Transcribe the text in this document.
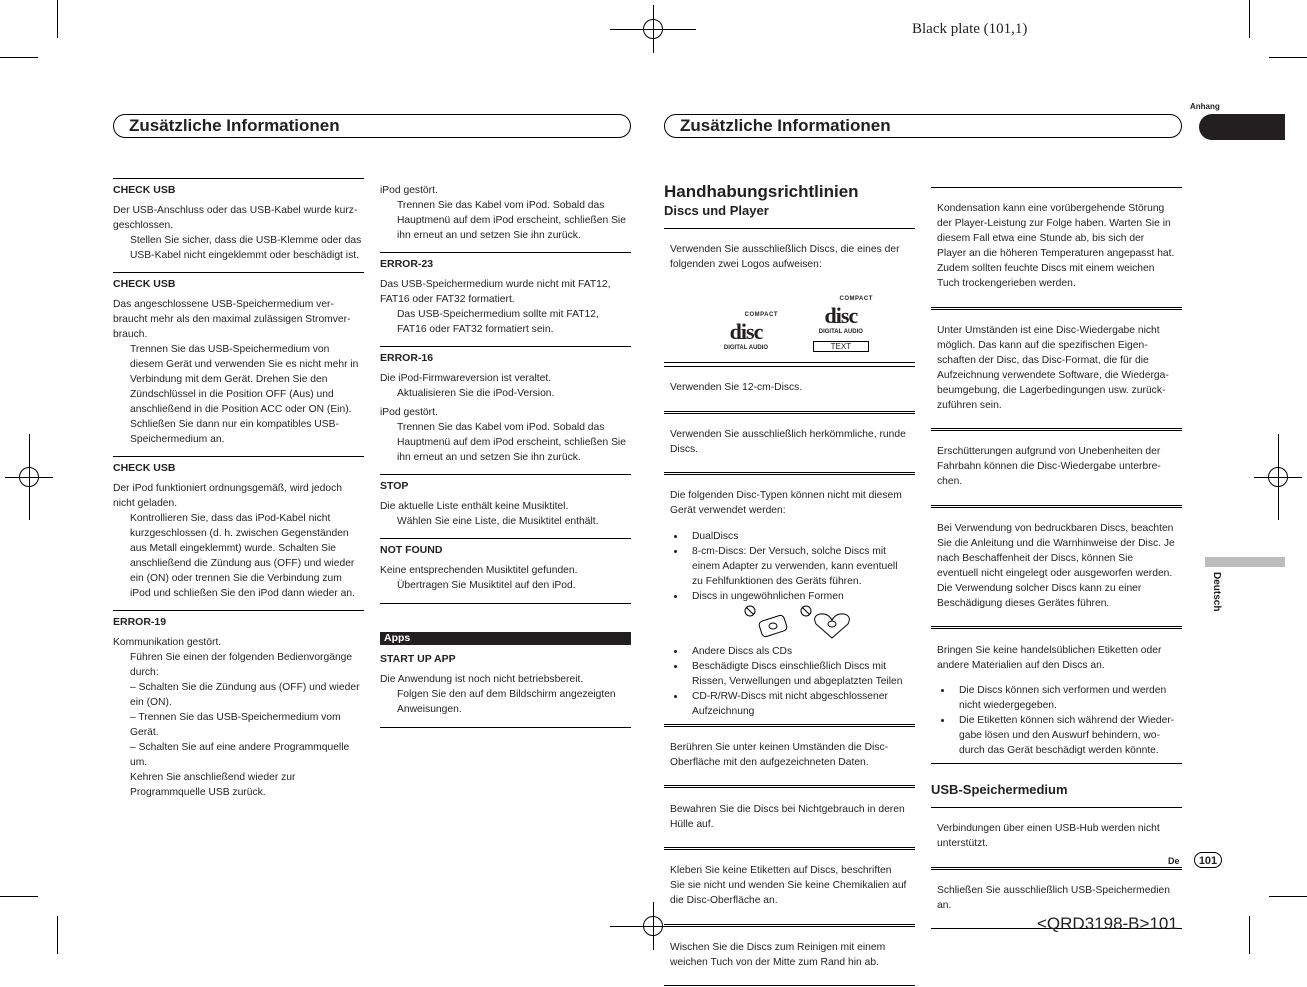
Black plate (101,1)
Anhang
Zusätzliche Informationen	Zusätzliche Informationen
CHECK USB

Der USB-Anschluss oder das USB-Kabel wurde kurzgeschlossen.

Stellen Sie sicher, dass die USB-Klemme oder das USB-Kabel nicht eingeklemmt oder beschädigt ist.

CHECK USB

Das angeschlossene USB-Speichermedium verbraucht mehr als den maximal zulässigen Stromverbrauch.

Trennen Sie das USB-Speichermedium von diesem Gerät und verwenden Sie es nicht mehr in Verbindung mit dem Gerät. Drehen Sie den Zündschlüssel in die Position OFF (Aus) und anschließend in die Position ACC oder ON (Ein). Schließen Sie dann nur ein kompatibles USB-Speichermedium an.

CHECK USB

Der iPod funktioniert ordnungsgemäß, wird jedoch nicht geladen.

Kontrollieren Sie, dass das iPod-Kabel nicht kurzgeschlossen (d. h. zwischen Gegenständen aus Metall eingeklemmt) wurde. Schalten Sie anschließend die Zündung aus (OFF) und wieder ein (ON) oder trennen Sie die Verbindung zum iPod und schließen Sie den iPod dann wieder an.

ERROR-19

Kommunikation gestört.

Führen Sie einen der folgenden Bedienvorgänge durch:

– Schalten Sie die Zündung aus (OFF) und wieder ein (ON).

– Trennen Sie das USB-Speichermedium vom Gerät.

– Schalten Sie auf eine andere Programmquelle um.

Kehren Sie anschließend wieder zur Programmquelle USB zurück.

iPod gestört.

Trennen Sie das Kabel vom iPod. Sobald das Hauptmenü auf dem iPod erscheint, schließen Sie ihn erneut an und setzen Sie ihn zurück.

ERROR-23

Das USB-Speichermedium wurde nicht mit FAT12, FAT16 oder FAT32 formatiert.

Das USB-Speichermedium sollte mit FAT12, FAT16 oder FAT32 formatiert sein.

ERROR-16

Die iPod-Firmwareversion ist veraltet.

Aktualisieren Sie die iPod-Version.

iPod gestört.

Trennen Sie das Kabel vom iPod. Sobald das Hauptmenü auf dem iPod erscheint, schließen Sie ihn erneut an und setzen Sie ihn zurück.

STOP

Die aktuelle Liste enthält keine Musiktitel.

Wählen Sie eine Liste, die Musiktitel enthält.

NOT FOUND

Keine entsprechenden Musiktitel gefunden.

Übertragen Sie Musiktitel auf den iPod.

Apps
START UP APP

Die Anwendung ist noch nicht betriebsbereit.

Folgen Sie den auf dem Bildschirm angezeigten Anweisungen.

Handhabungsrichtlinien
Discs und Player

Verwenden Sie ausschließlich Discs, die eines der folgenden zwei Logos aufweisen:

COMPACT
disc
DIGITAL AUDIO

COMPACT
disc
DIGITAL AUDIO
TEXT

Verwenden Sie 12-cm-Discs.

Verwenden Sie ausschließlich herkömmliche, runde Discs.

Die folgenden Disc-Typen können nicht mit diesem Gerät verwendet werden:

• DualDiscs
• 8-cm-Discs: Der Versuch, solche Discs mit einem Adapter zu verwenden, kann eventuell zu Fehlfunktionen des Geräts führen.
• Discs in ungewöhnlichen Formen
• Andere Discs als CDs
• Beschädigte Discs einschließlich Discs mit Rissen, Verwellungen und abgeplatzten Teilen
• CD-R/RW-Discs mit nicht abgeschlossener Aufzeichnung

Berühren Sie unter keinen Umständen die Disc-Oberfläche mit den aufgezeichneten Daten.

Bewahren Sie die Discs bei Nichtgebrauch in deren Hülle auf.

Kleben Sie keine Etiketten auf Discs, beschriften Sie sie nicht und wenden Sie keine Chemikalien auf die Disc-Oberfläche an.

Wischen Sie die Discs zum Reinigen mit einem weichen Tuch von der Mitte zum Rand hin ab.

Kondensation kann eine vorübergehende Störung der Player-Leistung zur Folge haben. Warten Sie in diesem Fall etwa eine Stunde ab, bis sich der Player an die höheren Temperaturen angepasst hat. Zudem sollten feuchte Discs mit einem weichen Tuch trockengerieben werden.

Unter Umständen ist eine Disc-Wiedergabe nicht möglich. Das kann auf die spezifischen Eigenschaften der Disc, das Disc-Format, die für die Aufzeichnung verwendete Software, die Wiedergabeumgebung, die Lagerbedingungen usw. zurückzuführen sein.

Erschütterungen aufgrund von Unebenheiten der Fahrbahn können die Disc-Wiedergabe unterbrechen.

Bei Verwendung von bedruckbaren Discs, beachten Sie die Anleitung und die Warnhinweise der Disc. Je nach Beschaffenheit der Discs, können Sie eventuell nicht eingelegt oder ausgeworfen werden. Die Verwendung solcher Discs kann zu einer Beschädigung dieses Gerätes führen.

Bringen Sie keine handelsüblichen Etiketten oder andere Materialien auf den Discs an.

• Die Discs können sich verformen und werden nicht wiedergegeben.
• Die Etiketten können sich während der Wiedergabe lösen und den Auswurf behindern, wodurch das Gerät beschädigt werden könnte.
USB-Speichermedium

Verbindungen über einen USB-Hub werden nicht unterstützt.

Schließen Sie ausschließlich USB-Speichermedien an.

Deutsch
De	101
<QRD3198-B>101
